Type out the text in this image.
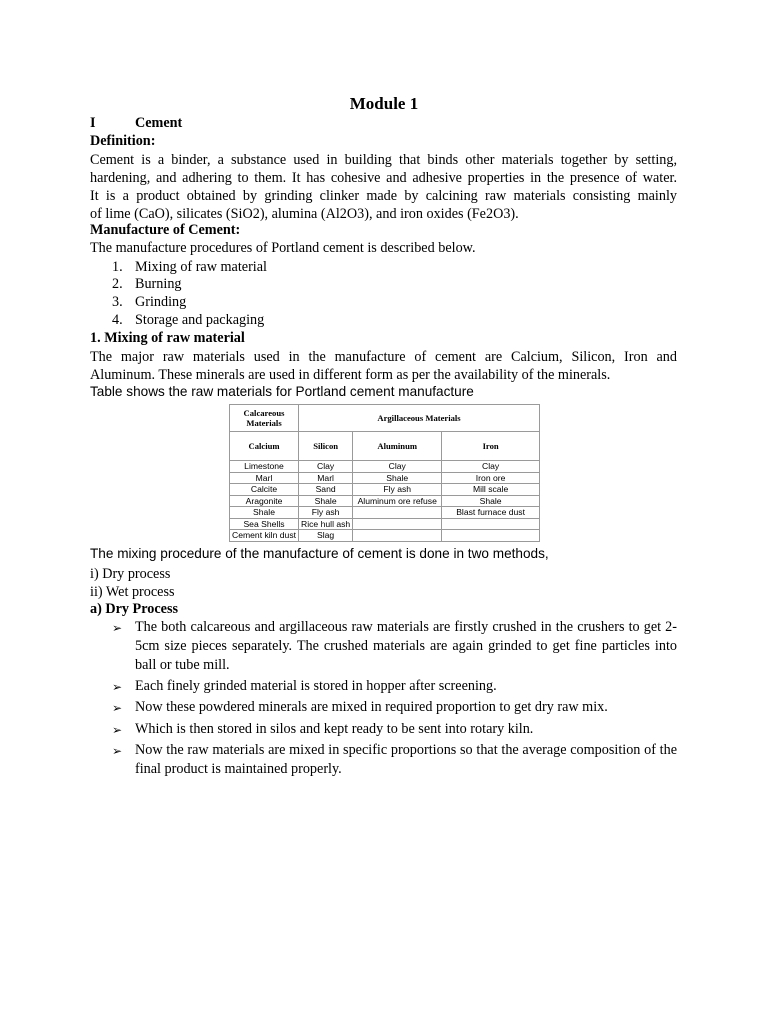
Module 1
I	Cement
Definition:
Cement is a binder, a substance used in building that binds other materials together by setting,
hardening, and adhering to them. It has cohesive and adhesive properties in the presence of water.
It is a product obtained by grinding clinker made by calcining raw materials consisting mainly
of lime (CaO), silicates (SiO2), alumina (Al2O3), and iron oxides (Fe2O3).
Manufacture of Cement:
The manufacture procedures of Portland cement is described below.
1. Mixing of raw material
2. Burning
3. Grinding
4. Storage and packaging
1. Mixing of raw material
The major raw materials used in the manufacture of cement are Calcium, Silicon, Iron and
Aluminum. These minerals are used in different form as per the availability of the minerals.
Table shows the raw materials for Portland cement manufacture
Calcareous Materials	Argillaceous Materials		
Calcium	Silicon	Aluminum	Iron
Limestone	Clay	Clay	Clay
Marl	Marl	Shale	Iron ore
Calcite	Sand	Fly ash	Mill scale
Aragonite	Shale	Aluminum ore refuse	Shale
Shale	Fly ash		Blast furnace dust
Sea Shells	Rice hull ash		
Cement kiln dust	Slag		
The mixing procedure of the manufacture of cement is done in two methods,
i) Dry process
ii) Wet process
a) Dry Process
➢ The both calcareous and argillaceous raw materials are firstly crushed in the crushers to get 2-5cm size pieces separately. The crushed materials are again grinded to get fine particles into ball or tube mill.
➢ Each finely grinded material is stored in hopper after screening.
➢ Now these powdered minerals are mixed in required proportion to get dry raw mix.
➢ Which is then stored in silos and kept ready to be sent into rotary kiln.
➢ Now the raw materials are mixed in specific proportions so that the average composition of the final product is maintained properly.
